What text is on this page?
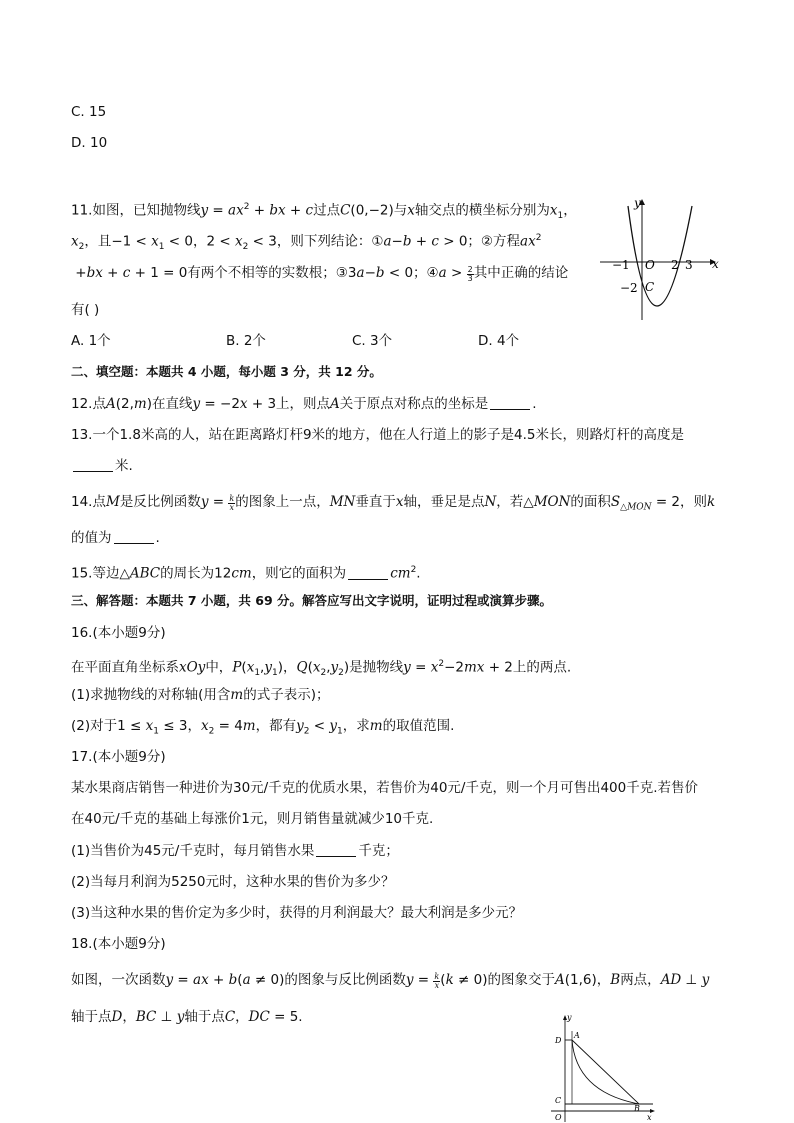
C. 15
D. 10
11.如图，已知抛物线$y = ax^2$ + bx + c过点C(0,−2)与x轴交点的横坐标分别为$x_1$，
$x_2$，且$-1 < x_1 < 0$，$2 < x_2 < 3$，则下列结论：①a−b + c > 0；②方程$ax^2$
+bx + c + 1 = 0有两个不相等的实数根；③3a−b < 0；④a > $\frac{2}{3}$ 其中正确的结论
有( )
A. 1个	B. 2个	C. 3个	D. 4个
y
x
−1 O 2 3
−2 C
二、填空题：本题共 4 小题，每小题 3 分，共 12 分。
12.点A(2,m)在直线y = −2x + 3上，则点A关于原点对称点的坐标是	.
13.一个1.8米高的人，站在距离路灯杆9米的地方，他在人行道上的影子是4.5米长，则路灯杆的高度是
米.
14.点M是反比例函数$y = \frac{k}{x}$ 的图象上一点，MN垂直于x轴，垂足是点N，若△MON的面积$S_{\triangle MON} = 2$，则k
的值为	.
15.等边△ABC的周长为12cm，则它的面积为	$cm^2$.
三、解答题：本题共 7 小题，共 69 分。解答应写出文字说明，证明过程或演算步骤。
16.(本小题9分)
在平面直角坐标系xOy中，$P(x_1,y_1)$，$Q(x_2,y_2)$是抛物线$y = x^2-2mx + 2$上的两点.
(1)求抛物线的对称轴(用含m的式子表示)；
(2)对于$1 \le x_1 \le 3$，$x_2 = 4m$，都有$y_2 < y_1$，求m的取值范围.
17.(本小题9分)
某水果商店销售一种进价为30元/千克的优质水果，若售价为40元/千克，则一个月可售出400千克.若售价
在40元/千克的基础上每涨价1元，则月销售量就减少10千克.
(1)当售价为45元/千克时，每月销售水果	千克；
(2)当每月利润为5250元时，这种水果的售价为多少？
(3)当这种水果的售价定为多少时，获得的月利润最大？最大利润是多少元？
18.(本小题9分)
如图，一次函数y = ax + b(a ≠ 0)的图象与反比例函数$y = \frac{k}{x} (k \ne 0)$的图象交于A(1,6)，B两点，AD ⊥ y
轴于点D，BC ⊥ y轴于点C，DC = 5.	y
x
A
D
C
B
O
